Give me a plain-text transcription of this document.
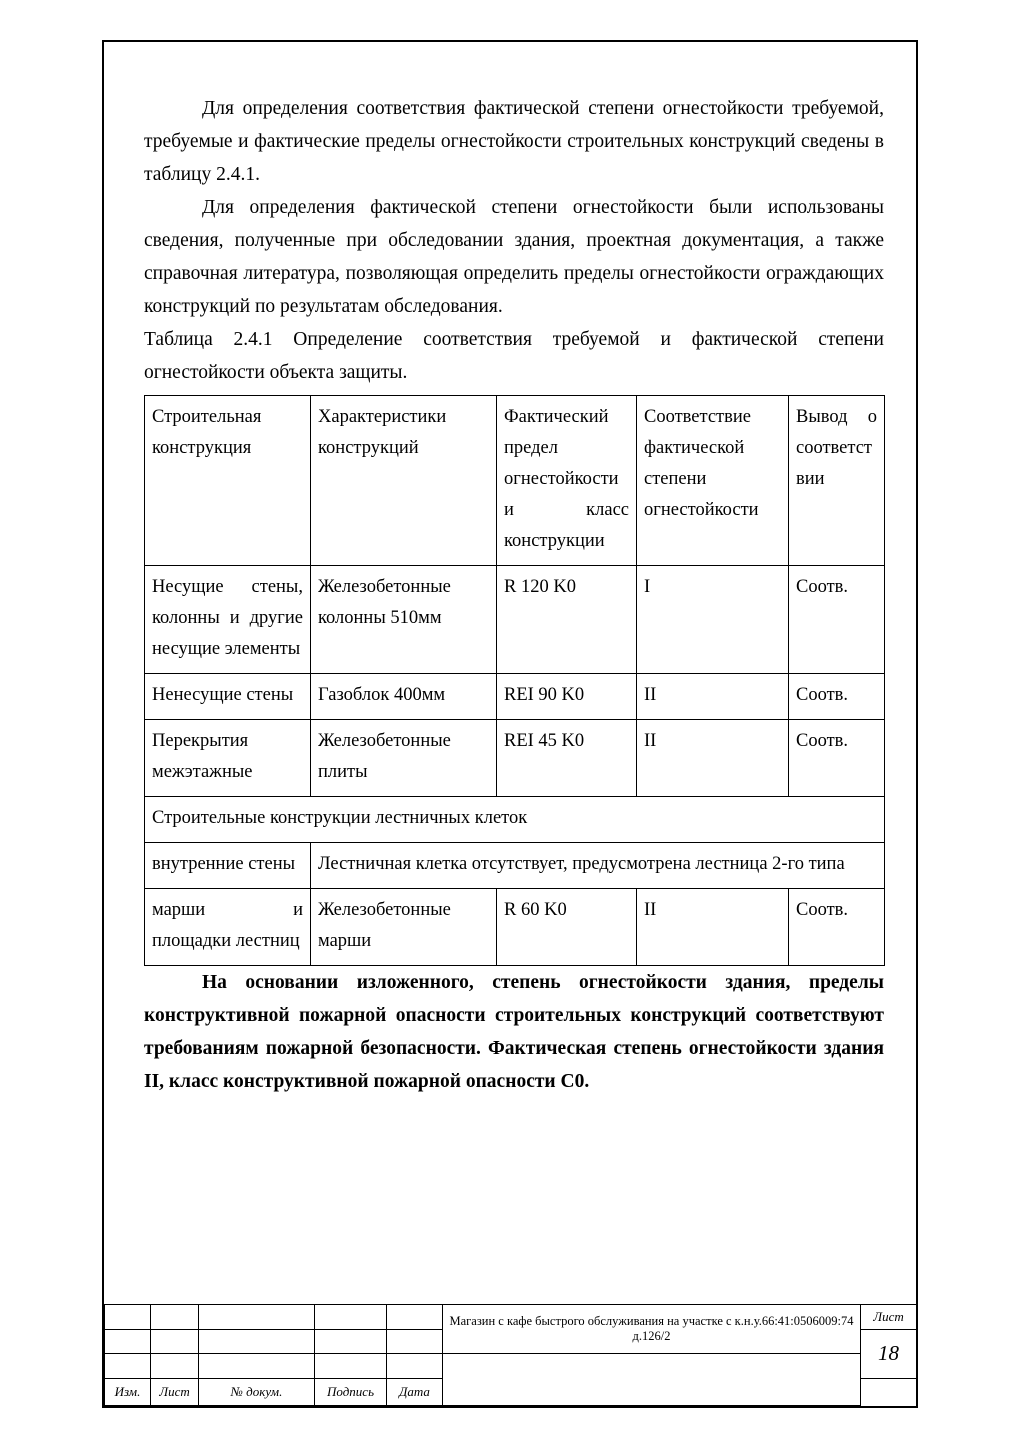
Для определения соответствия фактической степени огнестойкости требуемой, требуемые и фактические пределы огнестойкости строительных конструкций сведены в таблицу 2.4.1.

Для определения фактической степени огнестойкости были использованы сведения, полученные при обследовании здания, проектная документация, а также справочная литература, позволяющая определить пределы огнестойкости ограждающих конструкций по результатам обследования.

Таблица 2.4.1 Определение соответствия требуемой и фактической степени огнестойкости объекта защиты.

Строительная конструкция	Характеристики конструкций	Фактический предел огнестойкости и класс конструкции	Соответствие фактической степени огнестойкости	Вывод о соответствии
Несущие стены, колонны и другие несущие элементы	Железобетонные колонны 510мм	R 120 K0	I	Соотв.
Ненесущие стены	Газоблок 400мм	REI 90 K0	II	Соотв.
Перекрытия межэтажные	Железобетонные плиты	REI 45 K0	II	Соотв.
Строительные конструкции лестничных клеток				
внутренние стены	Лестничная клетка отсутствует, предусмотрена лестница 2-го типа			
марши и площадки лестниц	Железобетонные марши	R 60 K0	II	Соотв.

На основании изложенного, степень огнестойкости здания, пределы конструктивной пожарной опасности строительных конструкций соответствуют требованиям пожарной безопасности. Фактическая степень огнестойкости здания II, класс конструктивной пожарной опасности С0.

					Магазин с кафе быстрого обслуживания на участке с к.н.у.66:41:0506009:74 д.126/2	Лист
						18

Изм.	Лист	№ докум.	Подпись	Дата		
